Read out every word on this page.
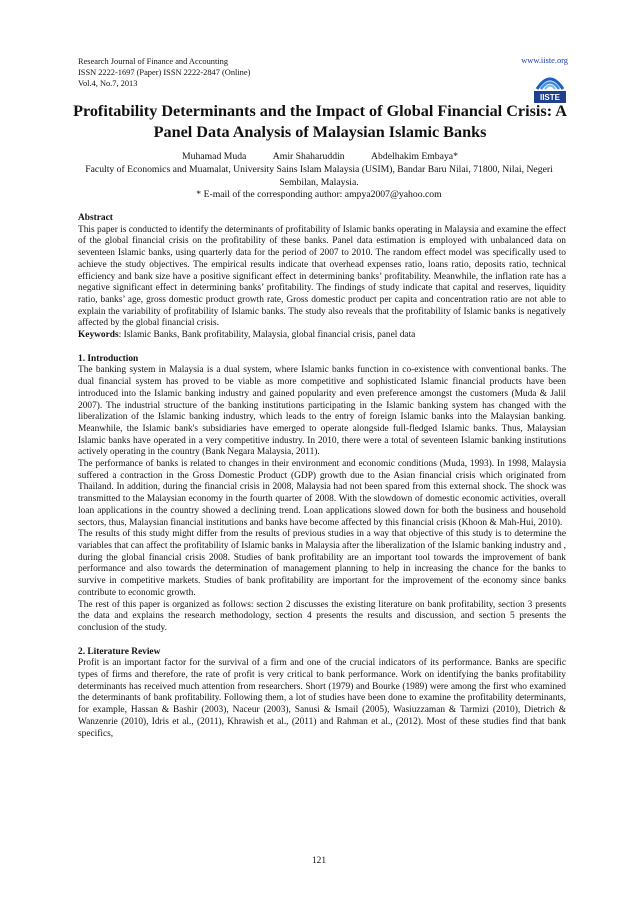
Research Journal of Finance and Accounting
ISSN 2222-1697 (Paper) ISSN 2222-2847 (Online)
Vol.4, No.7, 2013
www.iiste.org
IISTE
Profitability Determinants and the Impact of Global Financial Crisis: A Panel Data Analysis of Malaysian Islamic Banks
Muhamad Muda	Amir Shaharuddin	Abdelhakim Embaya*
Faculty of Economics and Muamalat, University Sains Islam Malaysia (USIM), Bandar Baru Nilai, 71800, Nilai, Negeri Sembilan, Malaysia.
* E-mail of the corresponding author: ampya2007@yahoo.com
Abstract

This paper is conducted to identify the determinants of profitability of Islamic banks operating in Malaysia and examine the effect of the global financial crisis on the profitability of these banks. Panel data estimation is employed with unbalanced data on seventeen Islamic banks, using quarterly data for the period of 2007 to 2010. The random effect model was specifically used to achieve the study objectives. The empirical results indicate that overhead expenses ratio, loans ratio, deposits ratio, technical efficiency and bank size have a positive significant effect in determining banks’ profitability. Meanwhile, the inflation rate has a negative significant effect in determining banks’ profitability. The findings of study indicate that capital and reserves, liquidity ratio, banks’ age, gross domestic product growth rate, Gross domestic product per capita and concentration ratio are not able to explain the variability of profitability of Islamic banks. The study also reveals that the profitability of Islamic banks is negatively affected by the global financial crisis.

Keywords: Islamic Banks, Bank profitability, Malaysia, global financial crisis, panel data

1. Introduction

The banking system in Malaysia is a dual system, where Islamic banks function in co-existence with conventional banks. The dual financial system has proved to be viable as more competitive and sophisticated Islamic financial products have been introduced into the Islamic banking industry and gained popularity and even preference amongst the customers (Muda & Jalil 2007). The industrial structure of the banking institutions participating in the Islamic banking system has changed with the liberalization of the Islamic banking industry, which leads to the entry of foreign Islamic banks into the Malaysian banking. Meanwhile, the Islamic bank's subsidiaries have emerged to operate alongside full-fledged Islamic banks. Thus, Malaysian Islamic banks have operated in a very competitive industry. In 2010, there were a total of seventeen Islamic banking institutions actively operating in the country (Bank Negara Malaysia, 2011).

The performance of banks is related to changes in their environment and economic conditions (Muda, 1993). In 1998, Malaysia suffered a contraction in the Gross Domestic Product (GDP) growth due to the Asian financial crisis which originated from Thailand. In addition, during the financial crisis in 2008, Malaysia had not been spared from this external shock. The shock was transmitted to the Malaysian economy in the fourth quarter of 2008. With the slowdown of domestic economic activities, overall loan applications in the country showed a declining trend. Loan applications slowed down for both the business and household sectors, thus, Malaysian financial institutions and banks have become affected by this financial crisis (Khoon & Mah-Hui, 2010).

The results of this study might differ from the results of previous studies in a way that objective of this study is to determine the variables that can affect the profitability of Islamic banks in Malaysia after the liberalization of the Islamic banking industry and , during the global financial crisis 2008. Studies of bank profitability are an important tool towards the improvement of bank performance and also towards the determination of management planning to help in increasing the chance for the banks to survive in competitive markets. Studies of bank profitability are important for the improvement of the economy since banks contribute to economic growth.

The rest of this paper is organized as follows: section 2 discusses the existing literature on bank profitability, section 3 presents the data and explains the research methodology, section 4 presents the results and discussion, and section 5 presents the conclusion of the study.

2. Literature Review

Profit is an important factor for the survival of a firm and one of the crucial indicators of its performance. Banks are specific types of firms and therefore, the rate of profit is very critical to bank performance. Work on identifying the banks profitability determinants has received much attention from researchers. Short (1979) and Bourke (1989) were among the first who examined the determinants of bank profitability. Following them, a lot of studies have been done to examine the profitability determinants, for example, Hassan & Bashir (2003), Naceur (2003), Sanusi & Ismail (2005), Wasiuzzaman & Tarmizi (2010), Dietrich & Wanzenrie (2010), Idris et al., (2011), Khrawish et al., (2011) and Rahman et al., (2012). Most of these studies find that bank specifics,

121
